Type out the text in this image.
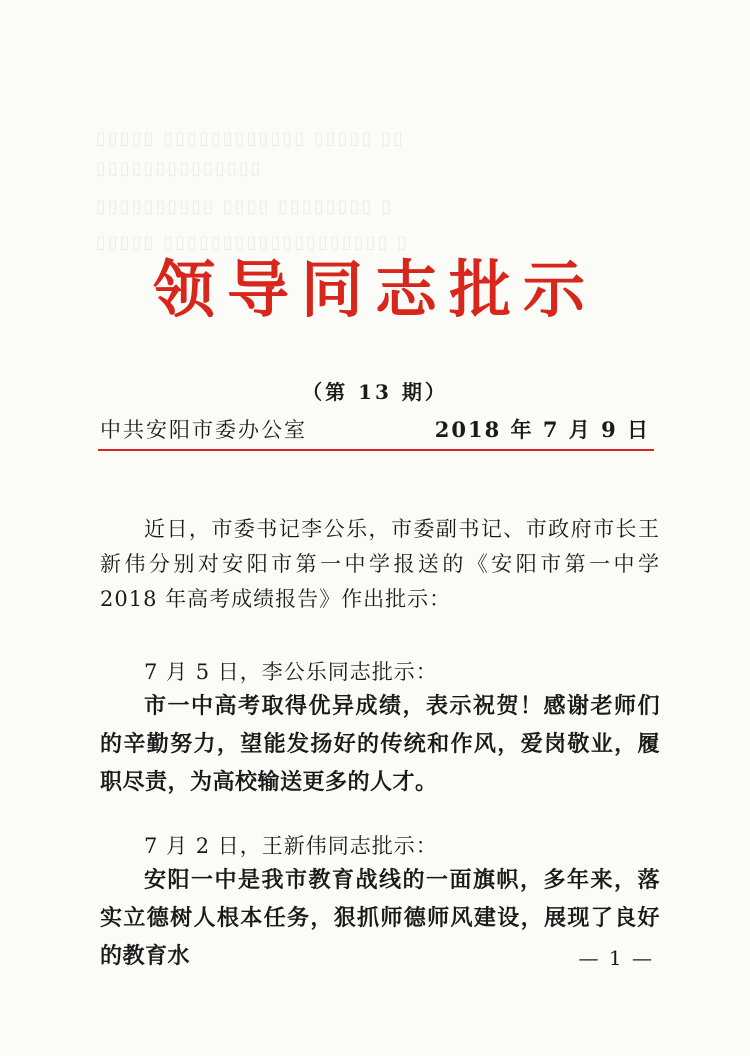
▯▯▯▯▯ ▯▯▯▯▯▯▯▯▯▯▯▯ ▯▯▯▯▯ ▯▯
▯▯▯▯▯▯▯▯▯▯▯▯▯▯
▯▯▯▯▯▯▯▯▯▯ ▯▯▯▯ ▯▯▯▯▯▯▯▯ ▯
▯▯▯▯▯ ▯▯▯▯▯▯▯▯▯▯▯▯▯▯▯▯▯▯▯ ▯
领导同志批示
（第 13 期）
中共安阳市委办公室	2018 年 7 月 9 日
近日，市委书记李公乐，市委副书记、市政府市长王新伟分别对安阳市第一中学报送的《安阳市第一中学 2018 年高考成绩报告》作出批示：
7 月 5 日，李公乐同志批示：
市一中高考取得优异成绩，表示祝贺！感谢老师们的辛勤努力，望能发扬好的传统和作风，爱岗敬业，履职尽责，为高校输送更多的人才。
7 月 2 日，王新伟同志批示：
安阳一中是我市教育战线的一面旗帜，多年来，落实立德树人根本任务，狠抓师德师风建设，展现了良好的教育水	— 1 —
